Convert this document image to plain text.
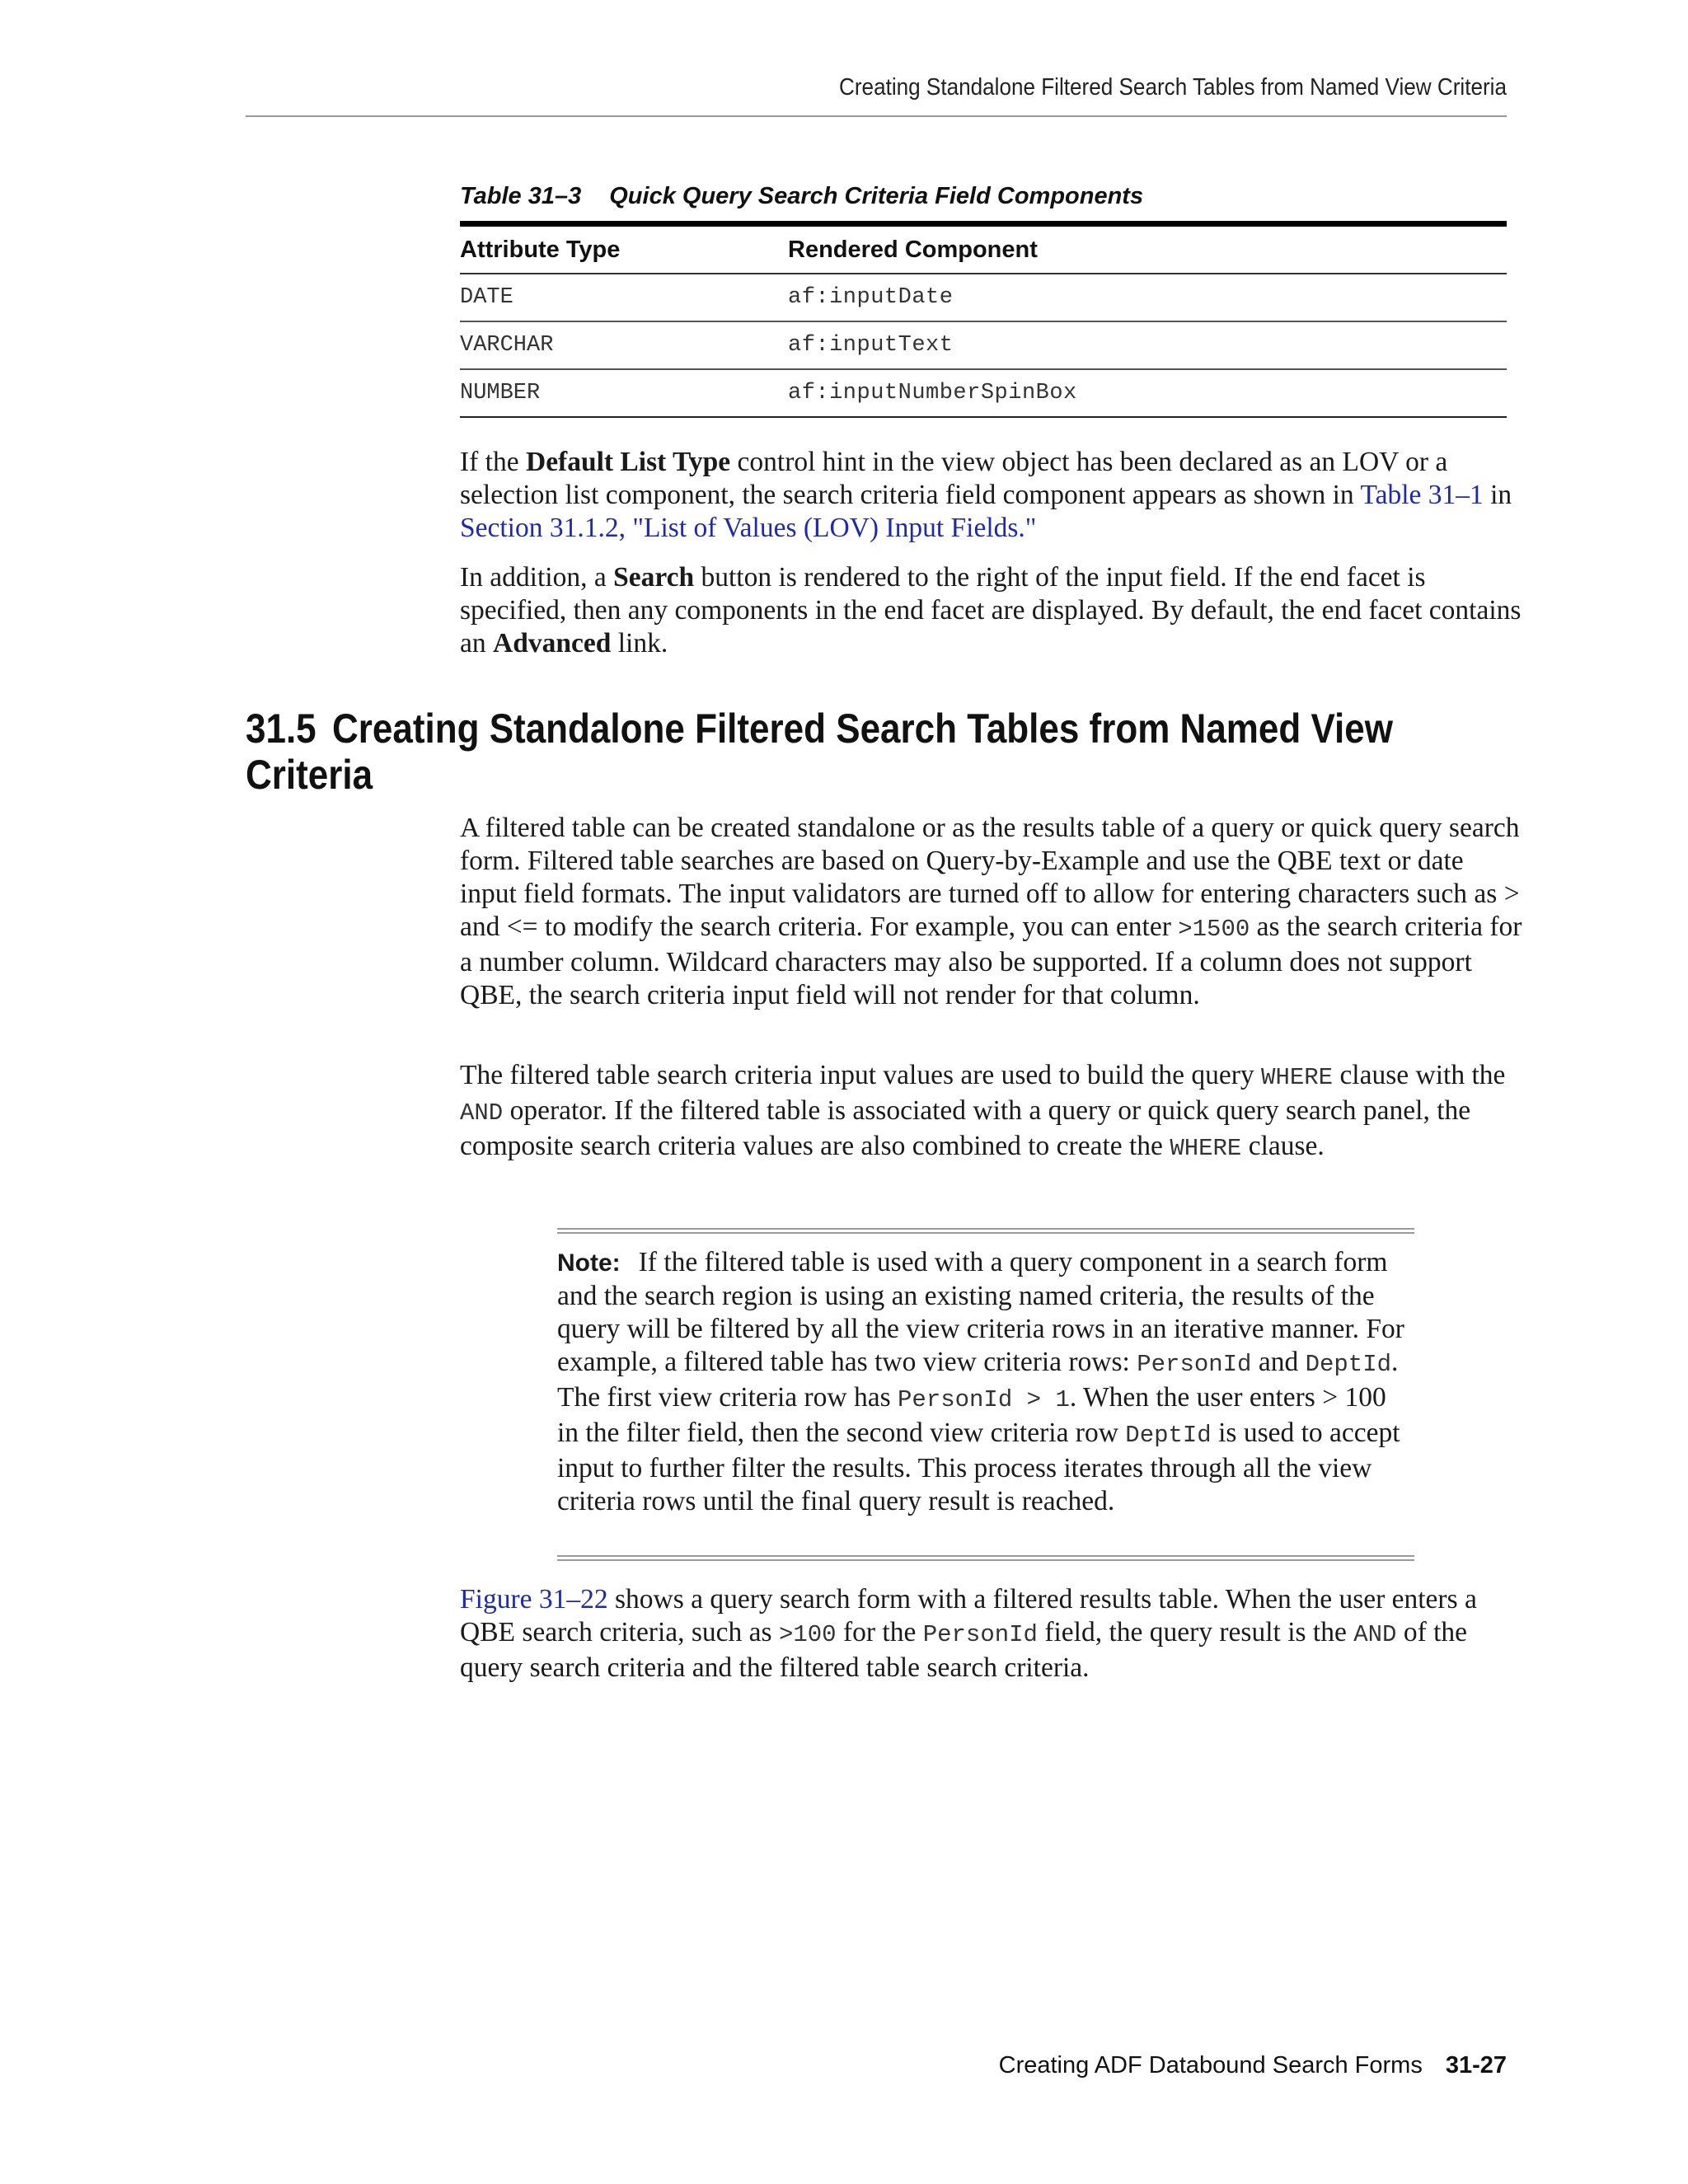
Creating Standalone Filtered Search Tables from Named View Criteria
Table 31–3 Quick Query Search Criteria Field Components
Attribute Type	Rendered Component
DATE	af:inputDate
VARCHAR	af:inputText
NUMBER	af:inputNumberSpinBox
If the Default List Type control hint in the view object has been declared as an LOV or a selection list component, the search criteria field component appears as shown in Table 31–1 in Section 31.1.2, "List of Values (LOV) Input Fields."
In addition, a Search button is rendered to the right of the input field. If the end facet is specified, then any components in the end facet are displayed. By default, the end facet contains an Advanced link.
31.5 Creating Standalone Filtered Search Tables from Named View Criteria
A filtered table can be created standalone or as the results table of a query or quick query search form. Filtered table searches are based on Query-by-Example and use the QBE text or date input field formats. The input validators are turned off to allow for entering characters such as > and <= to modify the search criteria. For example, you can enter >1500 as the search criteria for a number column. Wildcard characters may also be supported. If a column does not support QBE, the search criteria input field will not render for that column.
The filtered table search criteria input values are used to build the query WHERE clause with the AND operator. If the filtered table is associated with a query or quick query search panel, the composite search criteria values are also combined to create the WHERE clause.
Note: If the filtered table is used with a query component in a search form and the search region is using an existing named criteria, the results of the query will be filtered by all the view criteria rows in an iterative manner. For example, a filtered table has two view criteria rows: PersonId and DeptId. The first view criteria row has PersonId > 1. When the user enters > 100 in the filter field, then the second view criteria row DeptId is used to accept input to further filter the results. This process iterates through all the view criteria rows until the final query result is reached.
Figure 31–22 shows a query search form with a filtered results table. When the user enters a QBE search criteria, such as >100 for the PersonId field, the query result is the AND of the query search criteria and the filtered table search criteria.
Creating ADF Databound Search Forms 31-27
